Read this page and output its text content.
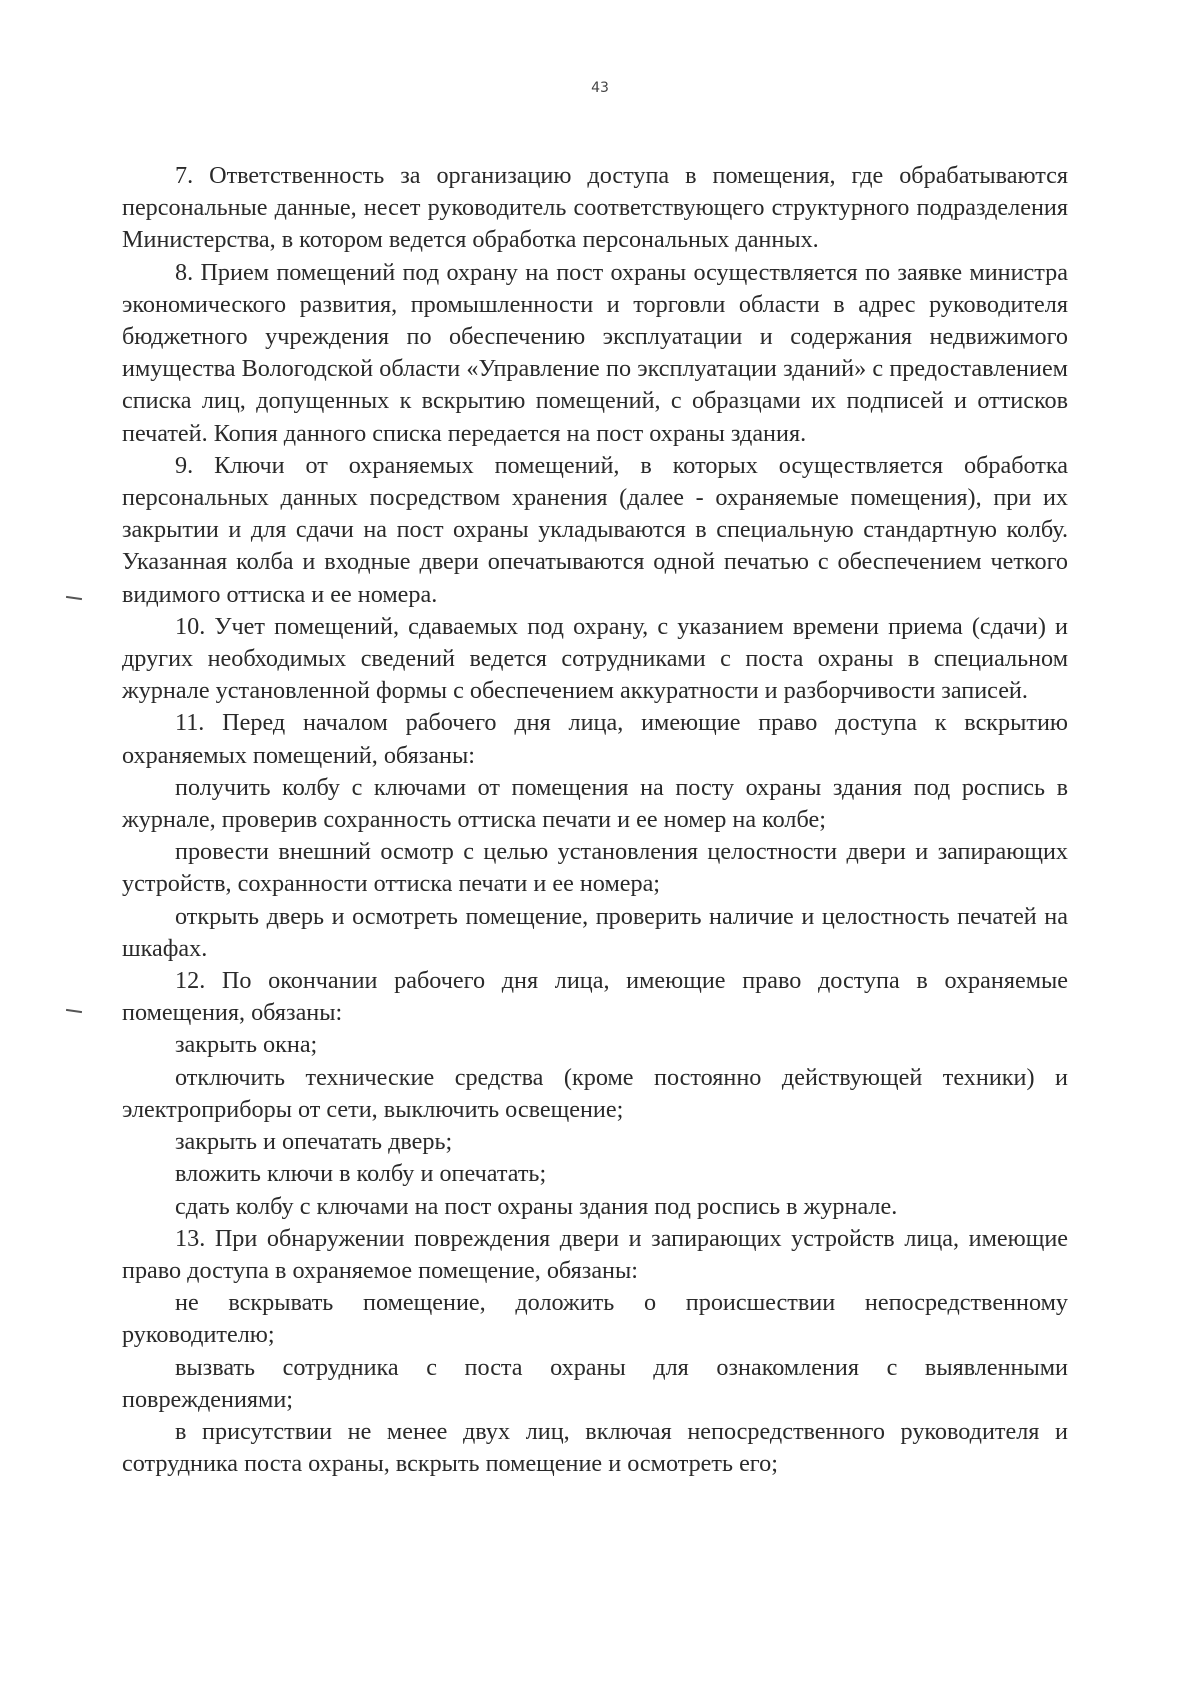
43

7. Ответственность за организацию доступа в помещения, где обрабатываются персональные данные, несет руководитель соответствующего структурного подразделения Министерства, в котором ведется обработка персональных данных.

8. Прием помещений под охрану на пост охраны осуществляется по заявке министра экономического развития, промышленности и торговли области в адрес руководителя бюджетного учреждения по обеспечению эксплуатации и содержания недвижимого имущества Вологодской области «Управление по эксплуатации зданий» с предоставлением списка лиц, допущенных к вскрытию помещений, с образцами их подписей и оттисков печатей. Копия данного списка передается на пост охраны здания.

9. Ключи от охраняемых помещений, в которых осуществляется обработка персональных данных посредством хранения (далее - охраняемые помещения), при их закрытии и для сдачи на пост охраны укладываются в специальную стандартную колбу. Указанная колба и входные двери опечатываются одной печатью с обеспечением четкого видимого оттиска и ее номера.

10. Учет помещений, сдаваемых под охрану, с указанием времени приема (сдачи) и других необходимых сведений ведется сотрудниками с поста охраны в специальном журнале установленной формы с обеспечением аккуратности и разборчивости записей.

11. Перед началом рабочего дня лица, имеющие право доступа к вскрытию охраняемых помещений, обязаны:

получить колбу с ключами от помещения на посту охраны здания под роспись в журнале, проверив сохранность оттиска печати и ее номер на колбе;

провести внешний осмотр с целью установления целостности двери и запирающих устройств, сохранности оттиска печати и ее номера;

открыть дверь и осмотреть помещение, проверить наличие и целостность печатей на шкафах.

12. По окончании рабочего дня лица, имеющие право доступа в охраняемые помещения, обязаны:

закрыть окна;

отключить технические средства (кроме постоянно действующей техники) и электроприборы от сети, выключить освещение;

закрыть и опечатать дверь;

вложить ключи в колбу и опечатать;

сдать колбу с ключами на пост охраны здания под роспись в журнале.

13. При обнаружении повреждения двери и запирающих устройств лица, имеющие право доступа в охраняемое помещение, обязаны:

не вскрывать помещение, доложить о происшествии непосредственному руководителю;

вызвать сотрудника с поста охраны для ознакомления с выявленными повреждениями;

в присутствии не менее двух лиц, включая непосредственного руководителя и сотрудника поста охраны, вскрыть помещение и осмотреть его;
